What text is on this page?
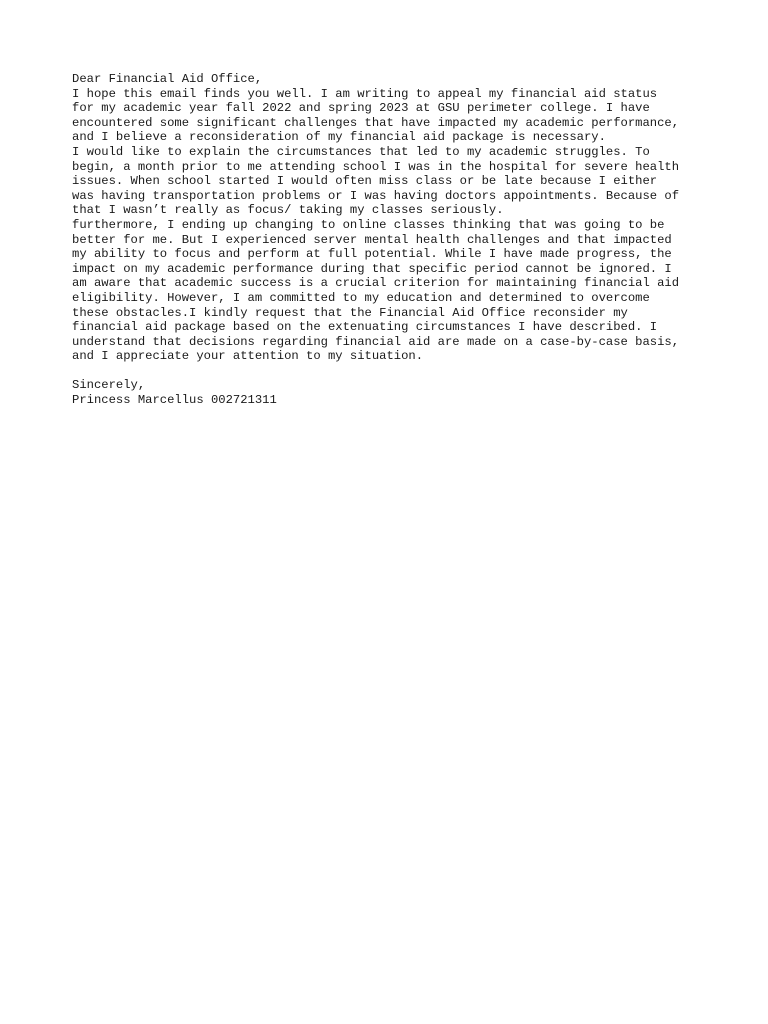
Dear Financial Aid Office,
I hope this email finds you well. I am writing to appeal my financial aid status
for my academic year fall 2022 and spring 2023 at GSU perimeter college. I have
encountered some significant challenges that have impacted my academic performance,
and I believe a reconsideration of my financial aid package is necessary.
I would like to explain the circumstances that led to my academic struggles. To
begin, a month prior to me attending school I was in the hospital for severe health
issues. When school started I would often miss class or be late because I either
was having transportation problems or I was having doctors appointments. Because of
that I wasn’t really as focus/ taking my classes seriously.
furthermore, I ending up changing to online classes thinking that was going to be
better for me. But I experienced server mental health challenges and that impacted
my ability to focus and perform at full potential. While I have made progress, the
impact on my academic performance during that specific period cannot be ignored. I
am aware that academic success is a crucial criterion for maintaining financial aid
eligibility. However, I am committed to my education and determined to overcome
these obstacles.I kindly request that the Financial Aid Office reconsider my
financial aid package based on the extenuating circumstances I have described. I
understand that decisions regarding financial aid are made on a case-by-case basis,
and I appreciate your attention to my situation.
Sincerely,
Princess Marcellus 002721311
